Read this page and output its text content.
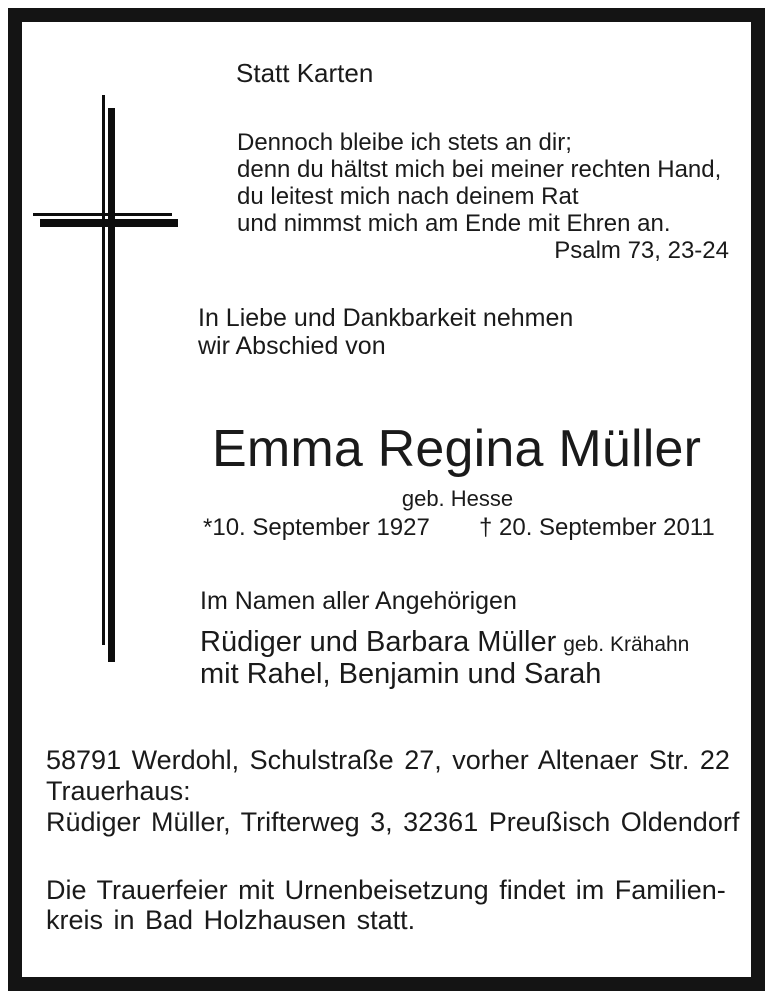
Statt Karten
Dennoch bleibe ich stets an dir;
denn du hältst mich bei meiner rechten Hand,
du leitest mich nach deinem Rat
und nimmst mich am Ende mit Ehren an.
Psalm 73, 23-24
In Liebe und Dankbarkeit nehmen
wir Abschied von
Emma Regina Müller
geb. Hesse
*10. September 1927 † 20. September 2011
Im Namen aller Angehörigen
Rüdiger und Barbara Müller geb. Krähahn
mit Rahel, Benjamin und Sarah
58791 Werdohl, Schulstraße 27, vorher Altenaer Str. 22
Trauerhaus:
Rüdiger Müller, Trifterweg 3, 32361 Preußisch Oldendorf
Die Trauerfeier mit Urnenbeisetzung findet im Familien-
kreis in Bad Holzhausen statt.
